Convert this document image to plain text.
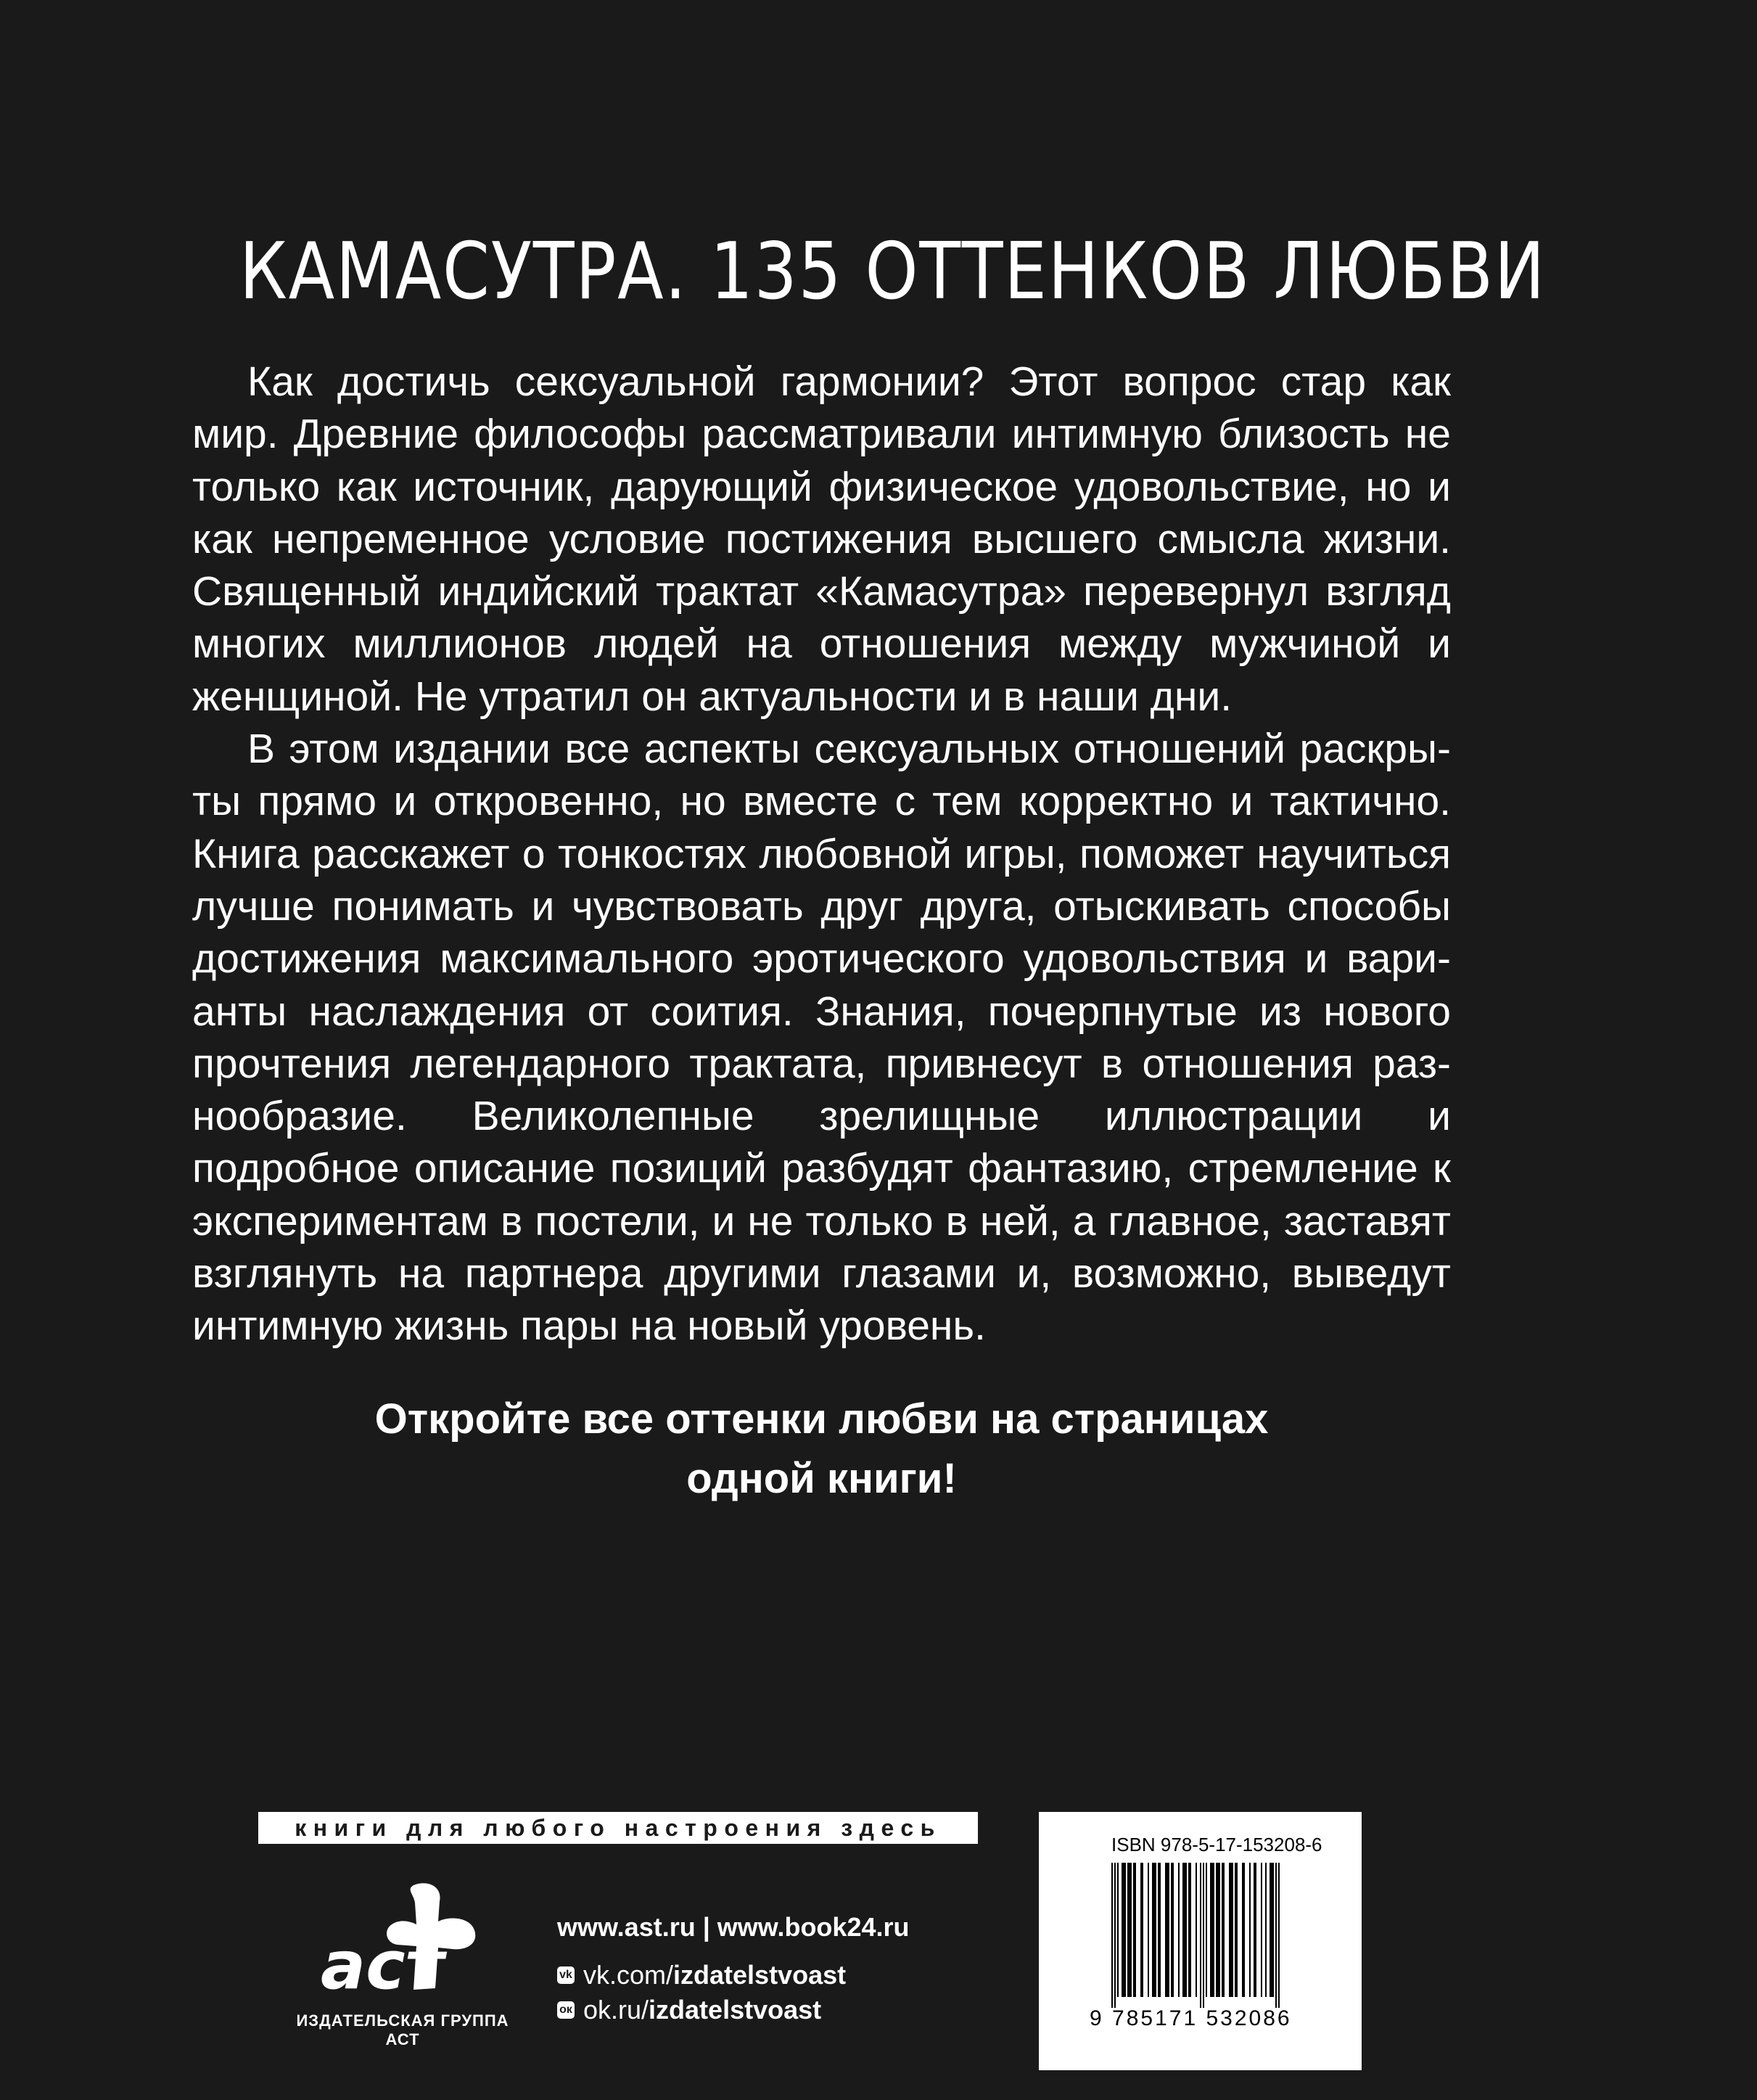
КАМАСУТРА. 135 ОТТЕНКОВ ЛЮБВИ

Как достичь сексуальной гармонии? Этот вопрос стар как мир. Древние философы рассматривали интимную близость не только как источник, дарующий физическое удовольствие, но и как непременное условие постижения высшего смысла жизни. Священный индийский трактат «Камасутра» перевернул взгляд многих миллионов людей на отношения между мужчиной и женщиной. Не утратил он актуальности и в наши дни.

В этом издании все аспекты сексуальных отношений раскрыты прямо и откровенно, но вместе с тем корректно и тактично. Книга расскажет о тонкостях любовной игры, поможет научиться лучше понимать и чувствовать друг друга, отыскивать способы достижения максимального эротического удовольствия и варианты наслаждения от соития. Знания, почерпнутые из нового прочтения легендарного трактата, привнесут в отношения разнообразие. Великолепные зрелищные иллюстрации и подробное описание позиций разбудят фантазию, стремление к экспериментам в постели, и не только в ней, а главное, заставят взглянуть на партнера другими глазами и, возможно, выведут интимную жизнь пары на новый уровень.

Откройте все оттенки любви на страницах
одной книги!
книги для любого настроения здесь
аст
ИЗДАТЕЛЬСКАЯ ГРУППА АСТ
www.ast.ru | www.book24.ru
vk vk.com/izdatelstvoast
ок ok.ru/izdatelstvoast
ISBN 978-5-17-153208-6
9 785171 532086
